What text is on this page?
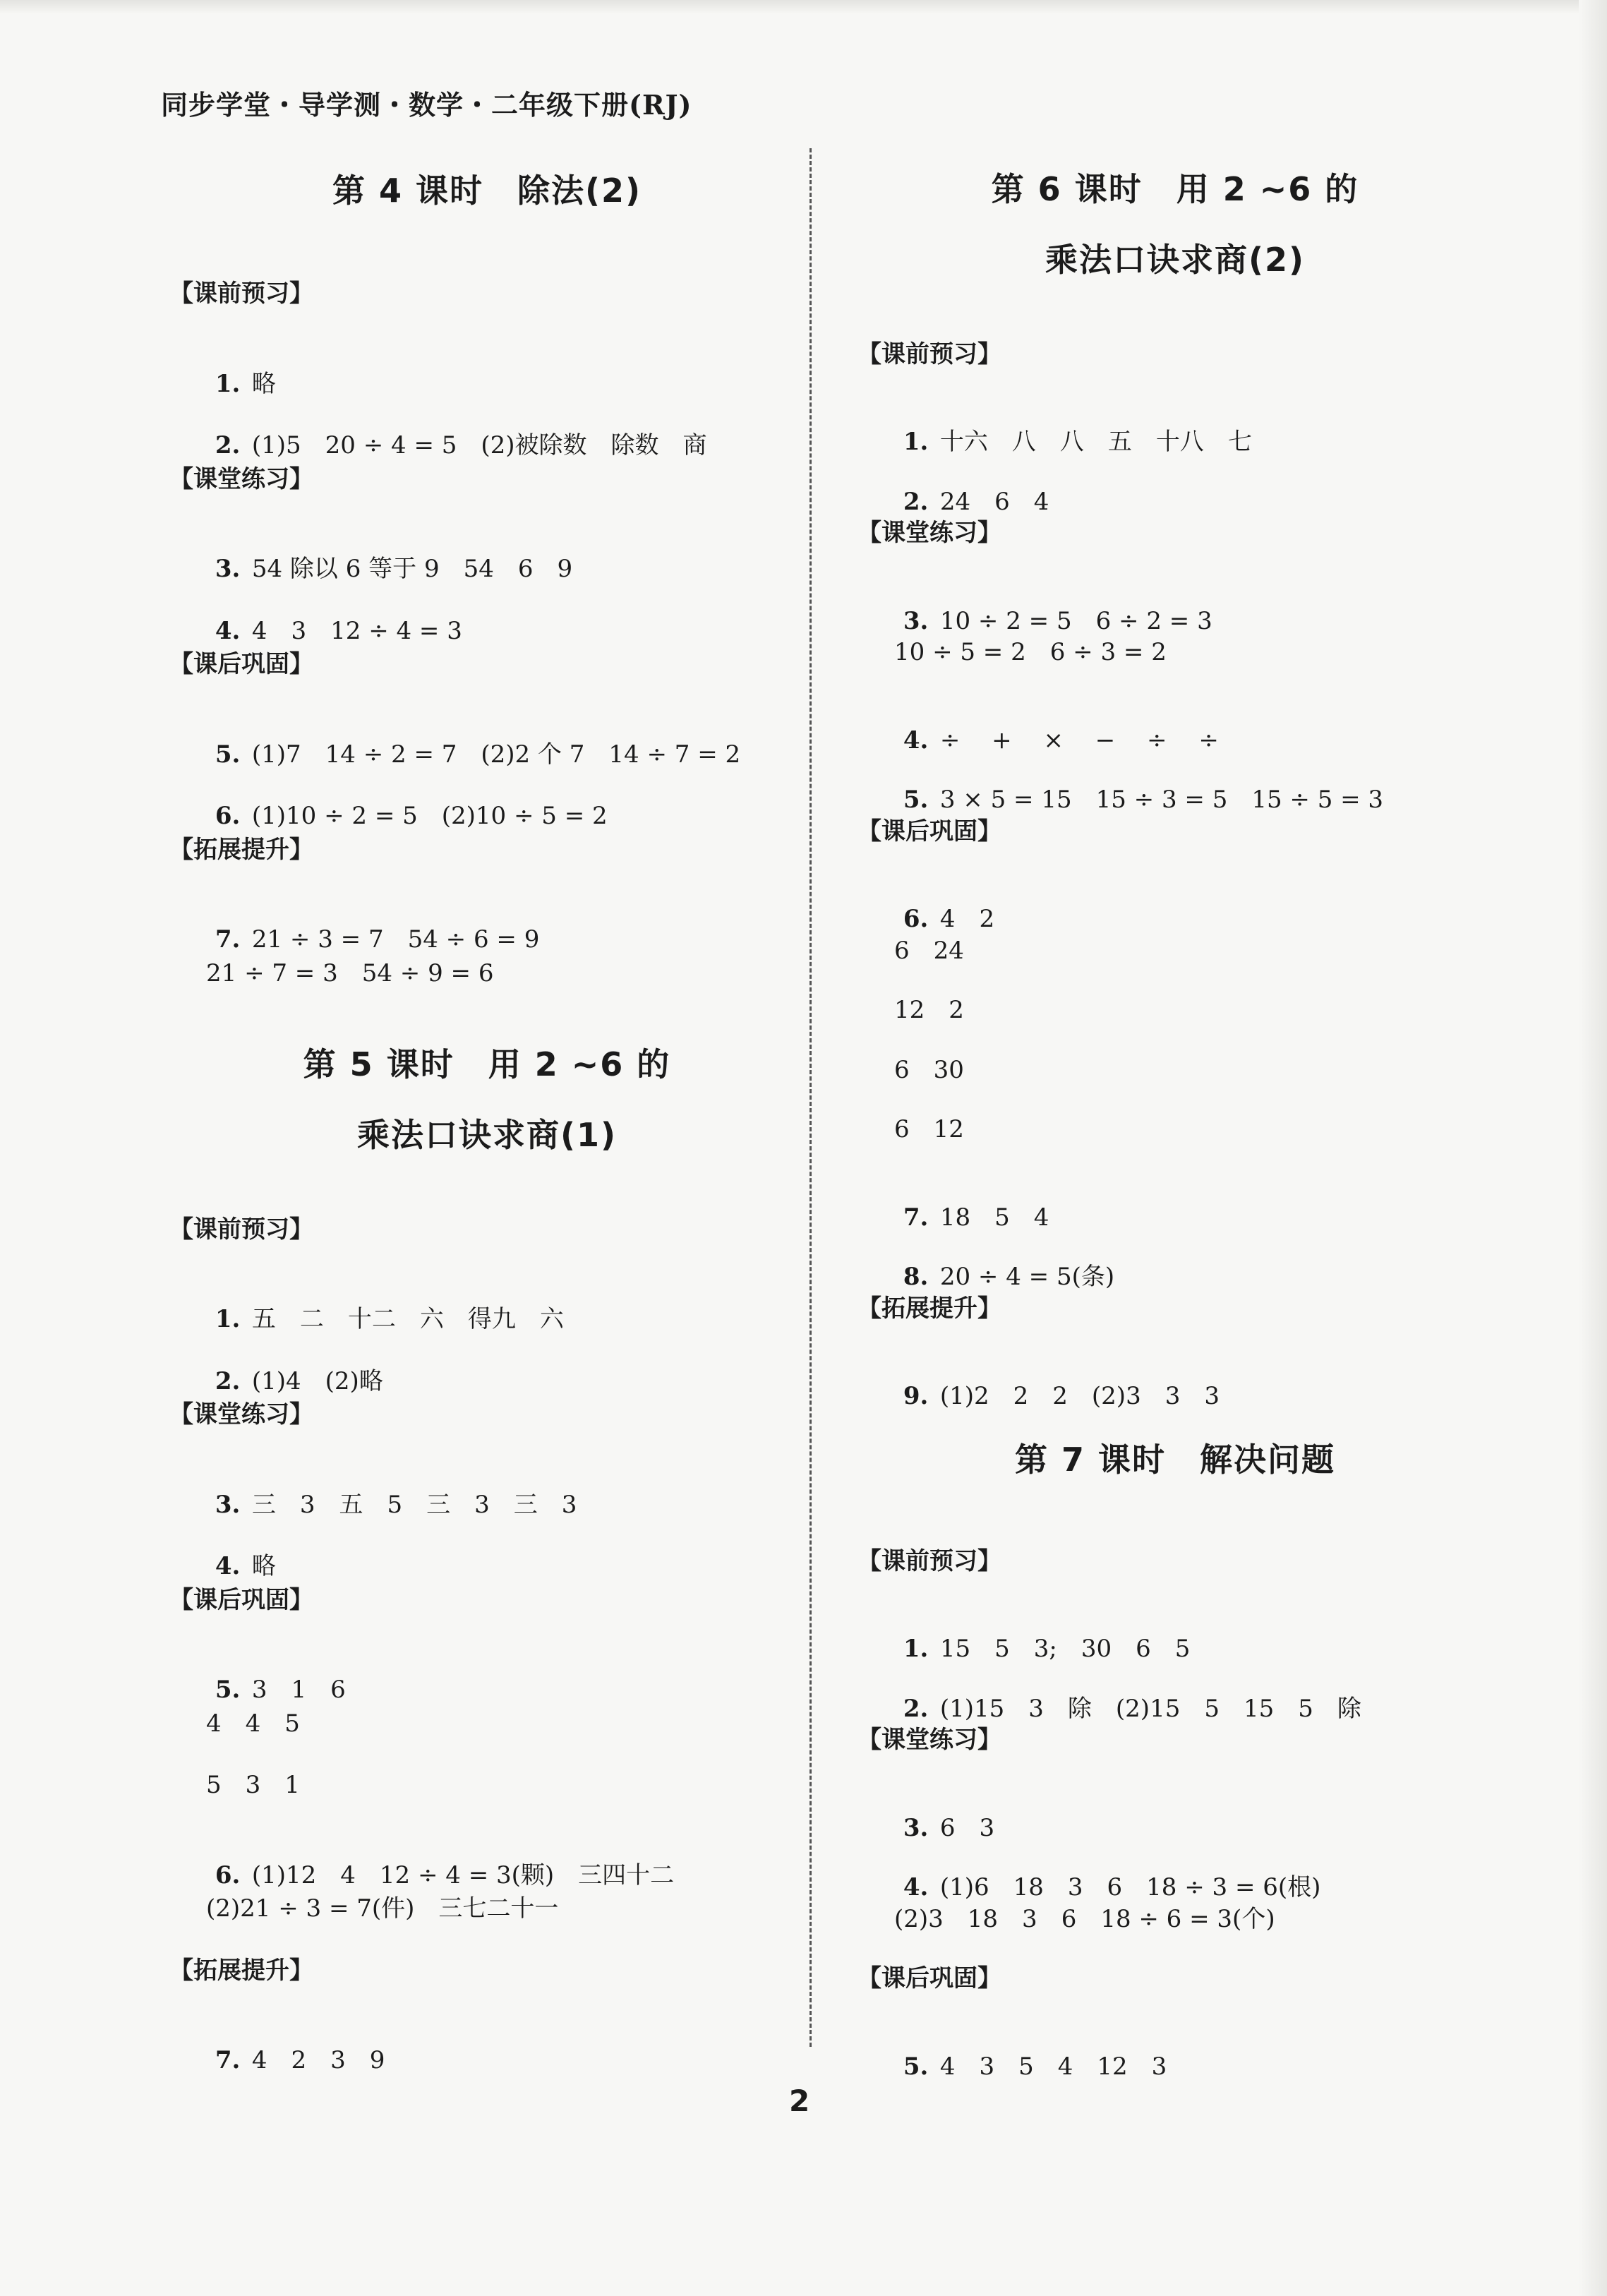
同步学堂・导学测・数学・二年级下册(RJ)
第 4 课时　除法(2)
【课前预习】

1. 略

2. (1)5　20 ÷ 4 = 5　(2)被除数　除数　商

【课堂练习】

3. 54 除以 6 等于 9　54　6　9

4. 4　3　12 ÷ 4 = 3

【课后巩固】

5. (1)7　14 ÷ 2 = 7　(2)2 个 7　14 ÷ 7 = 2

6. (1)10 ÷ 2 = 5　(2)10 ÷ 5 = 2

【拓展提升】

7. 21 ÷ 3 = 7　54 ÷ 6 = 9

21 ÷ 7 = 3　54 ÷ 9 = 6
第 5 课时　用 2 ~6 的
乘法口诀求商(1)
【课前预习】

1. 五　二　十二　六　得九　六

2. (1)4　(2)略

【课堂练习】

3. 三　3　五　5　三　3　三　3

4. 略

【课后巩固】

5. 3　1　6

4　4　5
5　3　1

6. (1)12　4　12 ÷ 4 = 3(颗)　三四十二

(2)21 ÷ 3 = 7(件)　三七二十一
【拓展提升】

7. 4　2　3　9

第 6 课时　用 2 ~6 的
乘法口诀求商(2)
【课前预习】

1. 十六　八　八　五　十八　七

2. 24　6　4

【课堂练习】

3. 10 ÷ 2 = 5　6 ÷ 2 = 3

10 ÷ 5 = 2　6 ÷ 3 = 2

4. ÷　 +　 ×　 −　 ÷　 ÷

5. 3 × 5 = 15　15 ÷ 3 = 5　15 ÷ 5 = 3

【课后巩固】

6. 4　2

6　24
12　2
6　30
6　12

7. 18　5　4

8. 20 ÷ 4 = 5(条)

【拓展提升】

9. (1)2　2　2　(2)3　3　3

第 7 课时　解决问题
【课前预习】

1. 15　5　3;　30　6　5

2. (1)15　3　除　(2)15　5　15　5　除

【课堂练习】

3. 6　3

4. (1)6　18　3　6　18 ÷ 3 = 6(根)

(2)3　18　3　6　18 ÷ 6 = 3(个)
【课后巩固】

5. 4　3　5　4　12　3

2
